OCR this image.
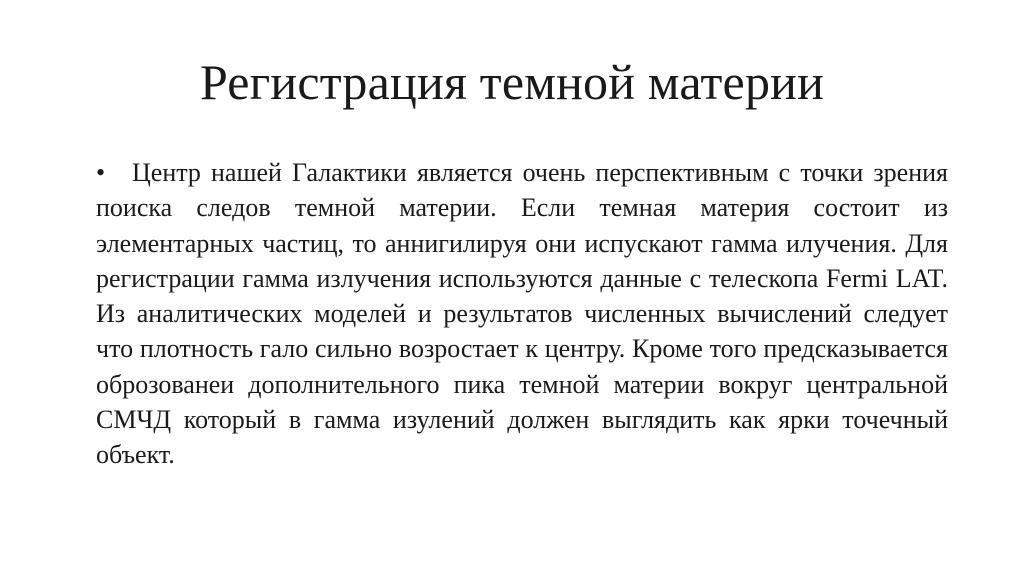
Регистрация темной материи

• Центр нашей Галактики является очень перспективным с точки зрения поиска следов темной материи. Если темная материя состоит из элементарных частиц, то аннигилируя они испускают гамма илучения. Для регистрации гамма излучения используются данные с телескопа Fermi LAT. Из аналитических моделей и результатов численных вычислений следует что плотность гало сильно возростает к центру. Кроме того предсказывается оброзованеи дополнительного пика темной материи вокруг центральной СМЧД который в гамма изулений должен выглядить как ярки точечный объект.
